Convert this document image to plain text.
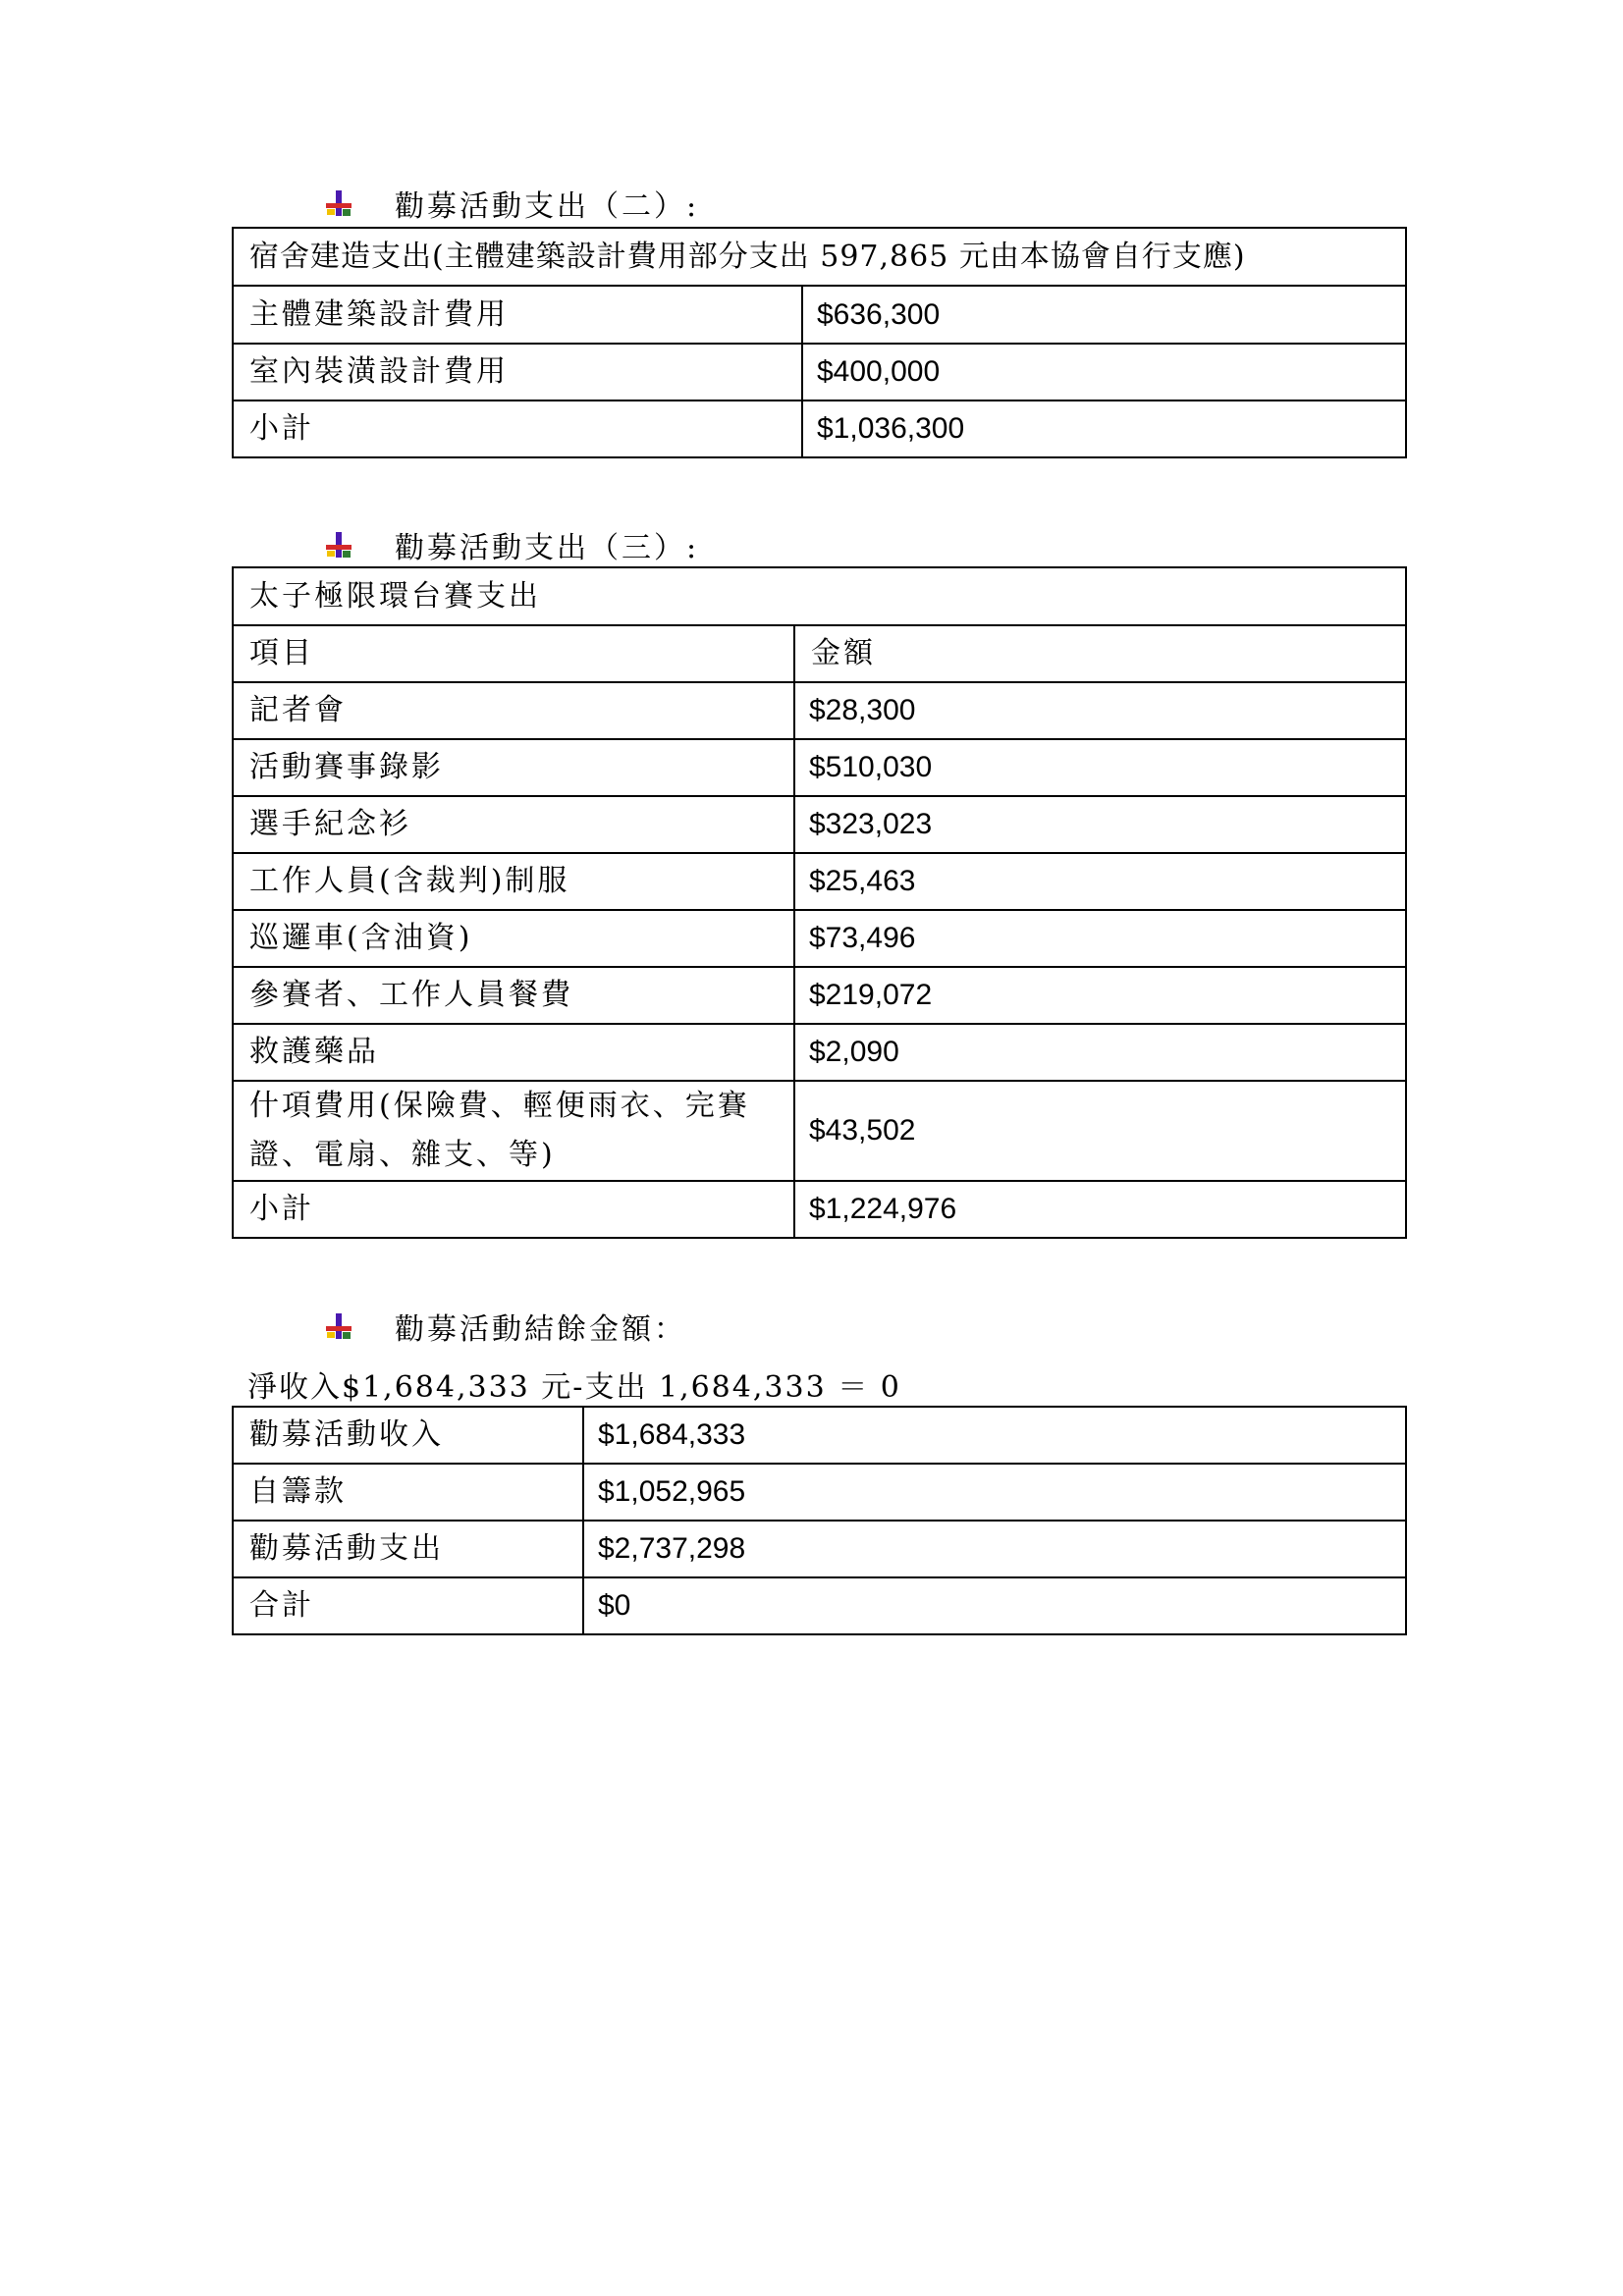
勸募活動支出（二）:
宿舍建造支出(主體建築設計費用部分支出 597,865 元由本協會自行支應)	
主體建築設計費用	$636,300
室內裝潢設計費用	$400,000
小計	$1,036,300
勸募活動支出（三）:
太子極限環台賽支出	
項目	金額
記者會	$28,300
活動賽事錄影	$510,030
選手紀念衫	$323,023
工作人員(含裁判)制服	$25,463
巡邏車(含油資)	$73,496
參賽者、工作人員餐費	$219,072
救護藥品	$2,090

什項費用(保險費、輕便雨衣、完賽
證、電扇、雜支、等)	$43,502
小計	$1,224,976
勸募活動結餘金額：
淨收入$1,684,333 元-支出 1,684,333 ＝ 0
勸募活動收入	$1,684,333
自籌款	$1,052,965
勸募活動支出	$2,737,298
合計	$0
